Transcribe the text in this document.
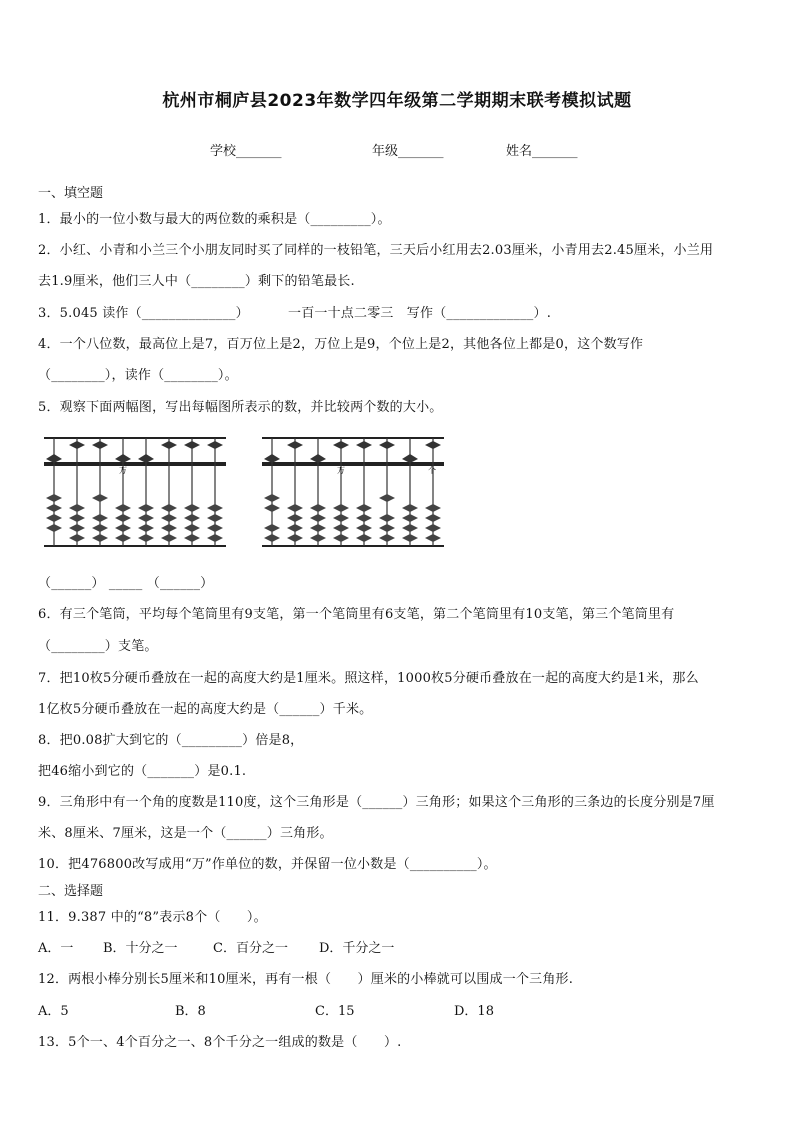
杭州市桐庐县2023年数学四年级第二学期期末联考模拟试题
学校_______	年级_______	姓名_______
一、填空题
1．最小的一位小数与最大的两位数的乘积是（_________）。
2．小红、小青和小兰三个小朋友同时买了同样的一枝铅笔，三天后小红用去2.03厘米，小青用去2.45厘米，小兰用
去1.9厘米，他们三人中（________）剩下的铅笔最长.
3．5.045 读作（______________）	一百一十点二零三　写作（_____________）.
4．一个八位数，最高位上是7，百万位上是2，万位上是9，个位上是2，其他各位上都是0，这个数写作
（________），读作（________）。
5．观察下面两幅图，写出每幅图所表示的数，并比较两个数的大小。
万	万	个
（______） _____ （______）
6．有三个笔筒，平均每个笔筒里有9支笔，第一个笔筒里有6支笔，第二个笔筒里有10支笔，第三个笔筒里有
（________）支笔。
7．把10枚5分硬币叠放在一起的高度大约是1厘米。照这样，1000枚5分硬币叠放在一起的高度大约是1米，那么
1亿枚5分硬币叠放在一起的高度大约是（______）千米。
8．把0.08扩大到它的（_________）倍是8，
把46缩小到它的（_______）是0.1.
9．三角形中有一个角的度数是110度，这个三角形是（______）三角形；如果这个三角形的三条边的长度分别是7厘
米、8厘米、7厘米，这是一个（______）三角形。
10．把476800改写成用“万”作单位的数，并保留一位小数是（__________）。
二、选择题
11．9.387 中的“8”表示8个（　　）。
A．一 B．十分之一	C．百分之一 D．千分之一
12．两根小棒分别长5厘米和10厘米，再有一根（　　）厘米的小棒就可以围成一个三角形.
A．5	B．8	C．15	D．18
13．5个一、4个百分之一、8个千分之一组成的数是（　　）.
